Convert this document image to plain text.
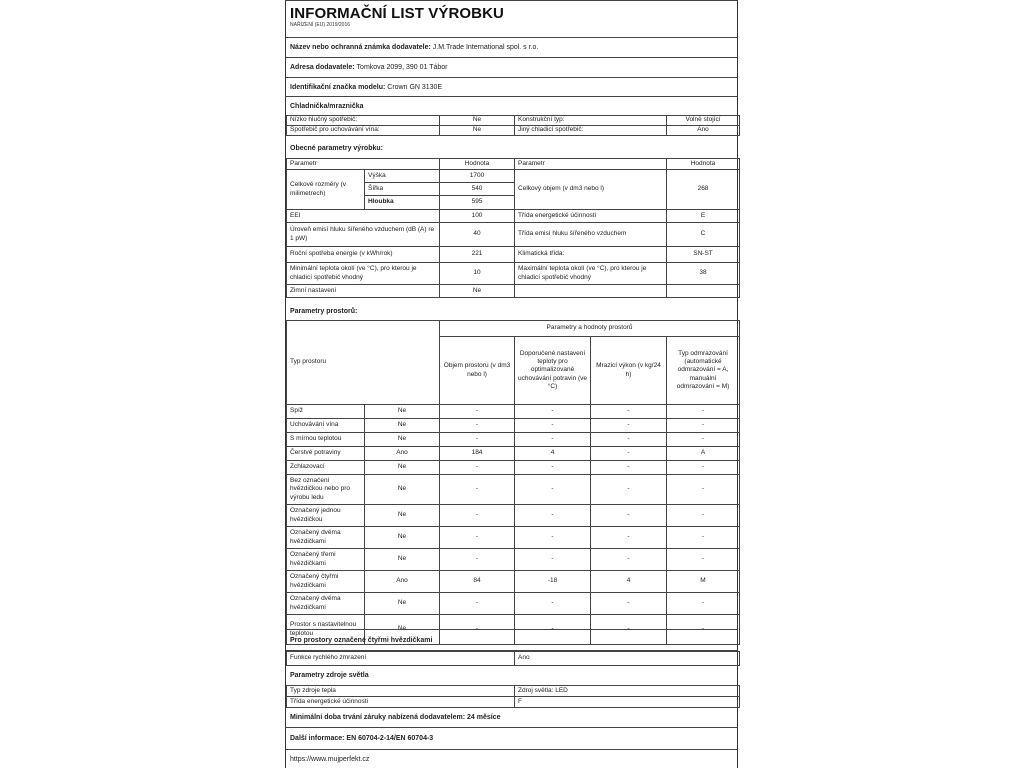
INFORMAČNÍ LIST VÝROBKU
NAŘÍZENÍ (EU) 2019/2016
Název nebo ochranná známka dodavatele:
J.M.Trade International spol. s r.o.
Adresa dodavatele:
Tomkova 2099, 390 01 Tábor
Identifikační značka modelu:
Crown GN 3130E
Chladnička/mraznička
Nízko hlučný spotřebič:	Ne	Konstrukční typ:	Volně stojící
Spotřebič pro uchovávání vína:	Ne	Jiný chladicí spotřebič:	Ano
Obecné parametry výrobku:
Parametr		Hodnota	Parametr	Hodnota
Celkové rozměry (v milimetrech)	Výška	1700	Celkový objem (v dm3 nebo l)	268
	Šířka	540		
	Hloubka	595		
EEI		100	Třída energetické účinnosti	E
Úroveň emisí hluku šířeného vzduchem (dB (A) re 1 pW)		40	Třída emisí hluku šířeného vzduchem	C
Roční spotřeba energie (v kWh/rok)		221	Klimatická třída:	SN-ST
Minimální teplota okolí (ve °C), pro kterou je chladicí spotřebič vhodný		10	Maximální teplota okolí (ve °C), pro kterou je chladicí spotřebič vhodný	38
Zimní nastavení		Ne		
Parametry prostorů:
Typ prostoru		Parametry a hodnoty prostorů			
		Objem prostoru (v dm3 nebo l)	Doporučené nastavení teploty pro optimalizované uchovávání potravin (ve °C)	Mrazicí výkon (v kg/24 h)	Typ odmrazování (automatické odmrazování = A, manuální odmrazování = M)
Spíž	Ne	-	-	-	-
Uchovávání vína	Ne	-	-	-	-
S mírnou teplotou	Ne	-	-	-	-
Čerstvé potraviny	Ano	184	4	-	A
Zchlazovací	Ne	-	-	-	-
Bez označení hvězdičkou nebo pro výrobu ledu	Ne	-	-	-	-
Označený jednou hvězdičkou	Ne	-	-	-	-
Označený dvěma hvězdičkami	Ne	-	-	-	-
Označený třemi hvězdičkami	Ne	-	-	-	-
Označený čtyřmi hvězdičkami	Ano	84	-18	4	M
Označený dvěma hvězdičkami	Ne	-	-	-	-
Prostor s nastavitelnou teplotou	Ne	-	-	-	-
Pro prostory označené čtyřmi hvězdičkami
Funkce rychlého zmrazení	Ano
Parametry zdroje světla
Typ zdroje tepla	Zdroj světla: LED
Třída energetické účinnosti	F
Minimální doba trvání záruky nabízená dodavatelem: 24 měsíce
Další informace: EN 60704-2-14/EN 60704-3
https://www.mujperfekt.cz
